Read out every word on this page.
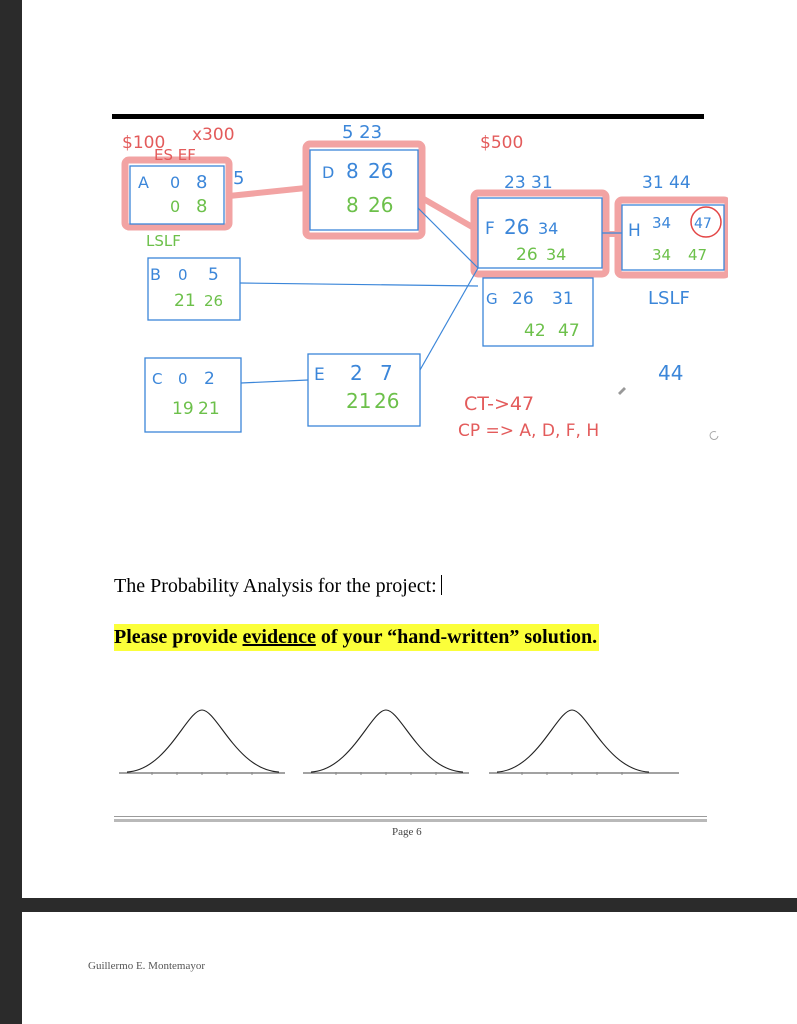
$100
ES EF
x300
A 0 8
0 8
5
LSLF
5 23
D 8 26
8 26
$500
23 31
F 26 34
26 34
31 44
H 34 47
34 47
LSLF
44
B 0 5
21 26	G 26 31
42 47
C 0 2
19 21
E 2 7
21 26	CT->47
CP => A, D, F, H
The Probability Analysis for the project:
Please provide evidence of your “hand-written” solution.
Page 6
Guillermo E. Montemayor
